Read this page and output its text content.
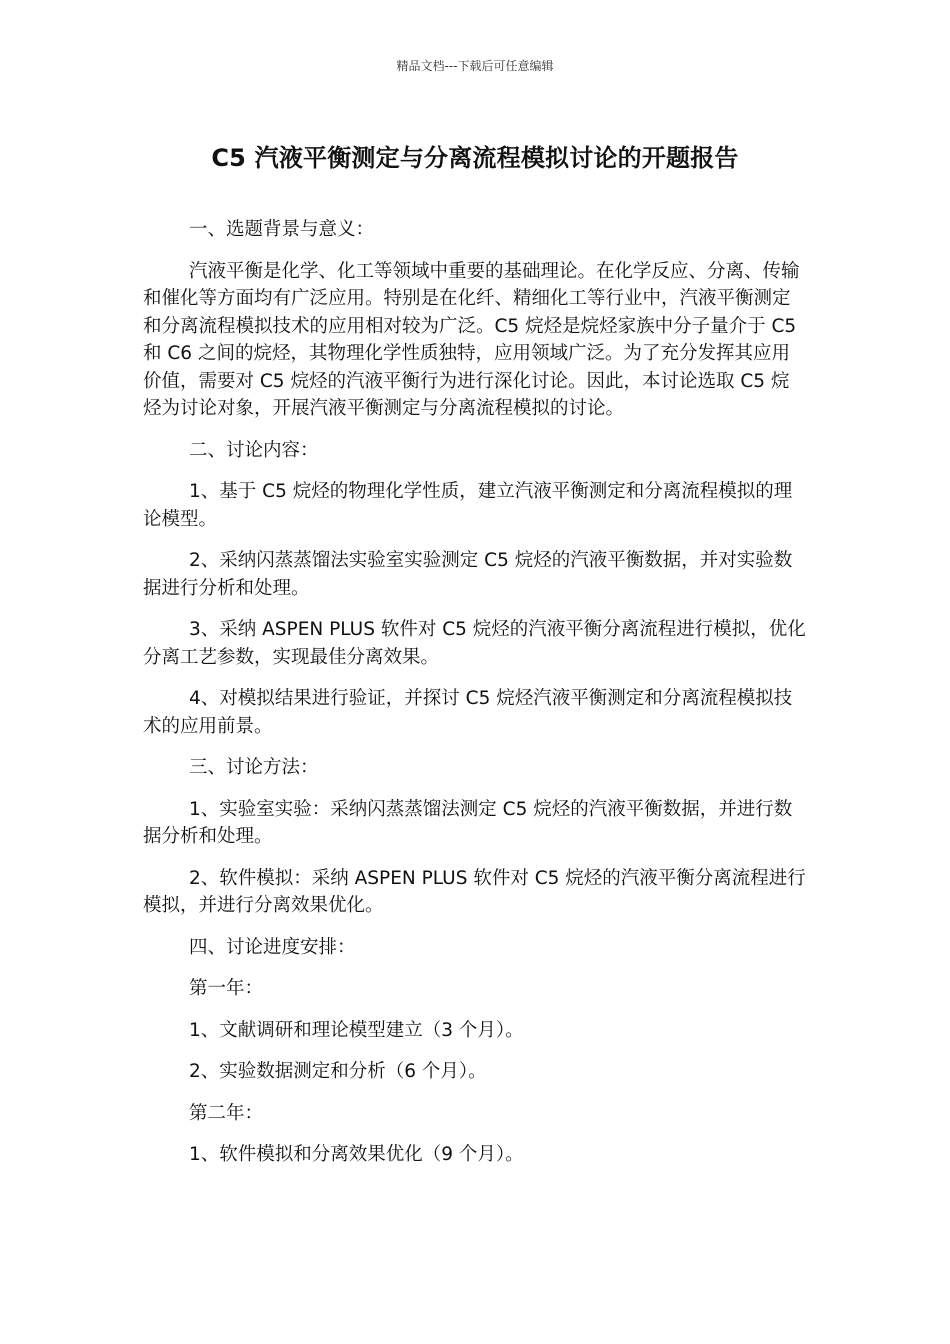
精品文档---下载后可任意编辑
C5 汽液平衡测定与分离流程模拟讨论的开题报告

一、选题背景与意义：

汽液平衡是化学、化工等领域中重要的基础理论。在化学反应、分离、传输和催化等方面均有广泛应用。特别是在化纤、精细化工等行业中，汽液平衡测定和分离流程模拟技术的应用相对较为广泛。C5 烷烃是烷烃家族中分子量介于 C5 和 C6 之间的烷烃，其物理化学性质独特，应用领域广泛。为了充分发挥其应用价值，需要对 C5 烷烃的汽液平衡行为进行深化讨论。因此，本讨论选取 C5 烷烃为讨论对象，开展汽液平衡测定与分离流程模拟的讨论。

二、讨论内容：

1、基于 C5 烷烃的物理化学性质，建立汽液平衡测定和分离流程模拟的理论模型。

2、采纳闪蒸蒸馏法实验室实验测定 C5 烷烃的汽液平衡数据，并对实验数据进行分析和处理。

3、采纳 ASPEN PLUS 软件对 C5 烷烃的汽液平衡分离流程进行模拟，优化分离工艺参数，实现最佳分离效果。

4、对模拟结果进行验证，并探讨 C5 烷烃汽液平衡测定和分离流程模拟技术的应用前景。

三、讨论方法：

1、实验室实验：采纳闪蒸蒸馏法测定 C5 烷烃的汽液平衡数据，并进行数据分析和处理。

2、软件模拟：采纳 ASPEN PLUS 软件对 C5 烷烃的汽液平衡分离流程进行模拟，并进行分离效果优化。

四、讨论进度安排：

第一年：

1、文献调研和理论模型建立（3 个月）。

2、实验数据测定和分析（6 个月）。

第二年：

1、软件模拟和分离效果优化（9 个月）。
